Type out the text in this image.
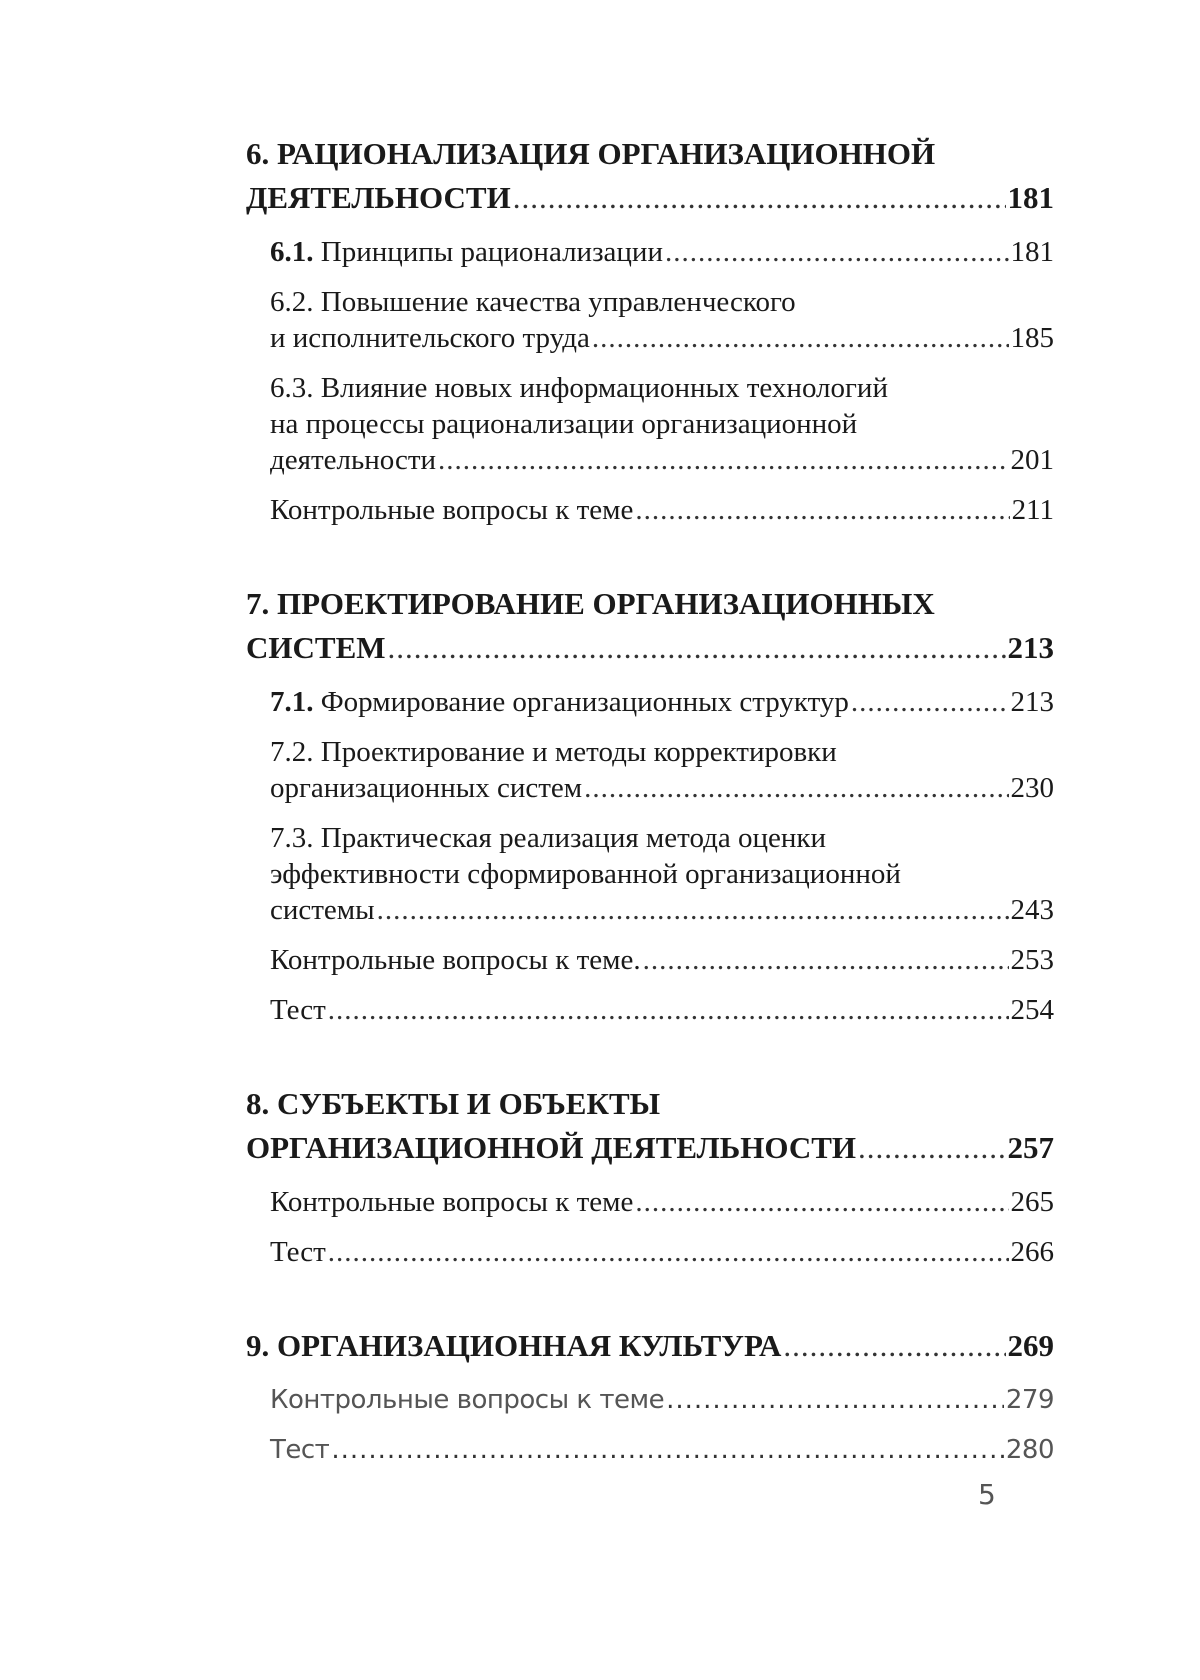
6. РАЦИОНАЛИЗАЦИЯ ОРГАНИЗАЦИОННОЙ
ДЕЯТЕЛЬНОСТИ .....	181
6.1. Принципы рационализации .....	181
6.2. Повышение качества управленческого
и исполнительского труда .....	185
6.3. Влияние новых информационных технологий
на процессы рационализации организационной
деятельности .....	201
Контрольные вопросы к теме .....	211
7. ПРОЕКТИРОВАНИЕ ОРГАНИЗАЦИОННЫХ
СИСТЕМ .....	213
7.1. Формирование организационных структур .....	213
7.2. Проектирование и методы корректировки
организационных систем .....	230
7.3. Практическая реализация метода оценки
эффективности сформированной организационной
системы .....	243
Контрольные вопросы к теме. .....	253
Тест .....	254
8. СУБЪЕКТЫ И ОБЪЕКТЫ
ОРГАНИЗАЦИОННОЙ ДЕЯТЕЛЬНОСТИ .....	257
Контрольные вопросы к теме .....	265
Тест .....	266
9. ОРГАНИЗАЦИОННАЯ КУЛЬТУРА .....	269
Контрольные вопросы к теме .....	279
Тест .....	280
5
